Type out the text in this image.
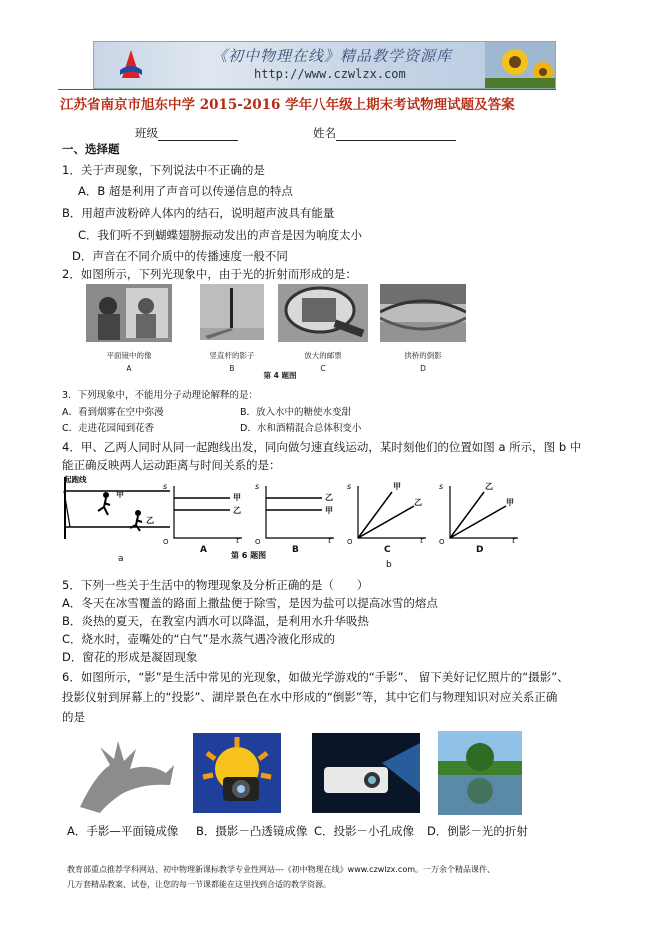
《初中物理在线》精品教学资源库
http://www.czwlzx.com
江苏省南京市旭东中学 2015-2016 学年八年级上期末考试物理试题及答案
班级	姓名
一、选择题
1．关于声现象，下列说法中不正确的是
A．B 超是利用了声音可以传递信息的特点
B．用超声波粉碎人体内的结石，说明超声波具有能量
C．我们听不到蝴蝶翅膀振动发出的声音是因为响度太小
D．声音在不同介质中的传播速度一般不同
2．如图所示，下列光现象中，由于光的折射而形成的是：
平面镜中的像	竖直杆的影子	放大的邮票	拱桥的倒影
A	B	C	D
第 4 题图
3．下列现象中，不能用分子动理论解释的是：
A．看到烟雾在空中弥漫	B．放入水中的糖使水变甜
C．走进花园闻到花香	D．水和酒精混合总体积变小
4．甲、乙两人同时从同一起跑线出发，同向做匀速直线运动，某时刻他们的位置如图 a 所示，图 b 中
能正确反映两人运动距离与时间关系的是：
起跑线
甲
乙
a
s
O	t
甲
乙
A
s
O	t
乙
甲
B
s
O	t
甲
乙
C
s
O	t
乙
甲
D
第 6 题图
b
5．下列一些关于生活中的物理现象及分析正确的是（　　）
A．冬天在冰雪覆盖的路面上撒盐便于除雪，是因为盐可以提高冰雪的熔点
B．炎热的夏天，在教室内洒水可以降温，是利用水升华吸热
C．烧水时，壶嘴处的“白气”是水蒸气遇冷液化形成的
D．窗花的形成是凝固现象
6．如图所示，“影”是生活中常见的光现象，如做光学游戏的“手影”、 留下美好记忆照片的“摄影”、
投影仪射到屏幕上的“投影”、湖岸景色在水中形成的“倒影”等，其中它们与物理知识对应关系正确
的是
A．手影—平面镜成像 B．摄影－凸透镜成像 C．投影－小孔成像 D．倒影－光的折射
教育部重点推荐学科网站、初中物理新课标教学专业性网站---《初中物理在线》www.czwlzx.com。一万余个精品课件、
几万套精品教案、试卷，让您的每一节课都能在这里找到合适的教学资源。
